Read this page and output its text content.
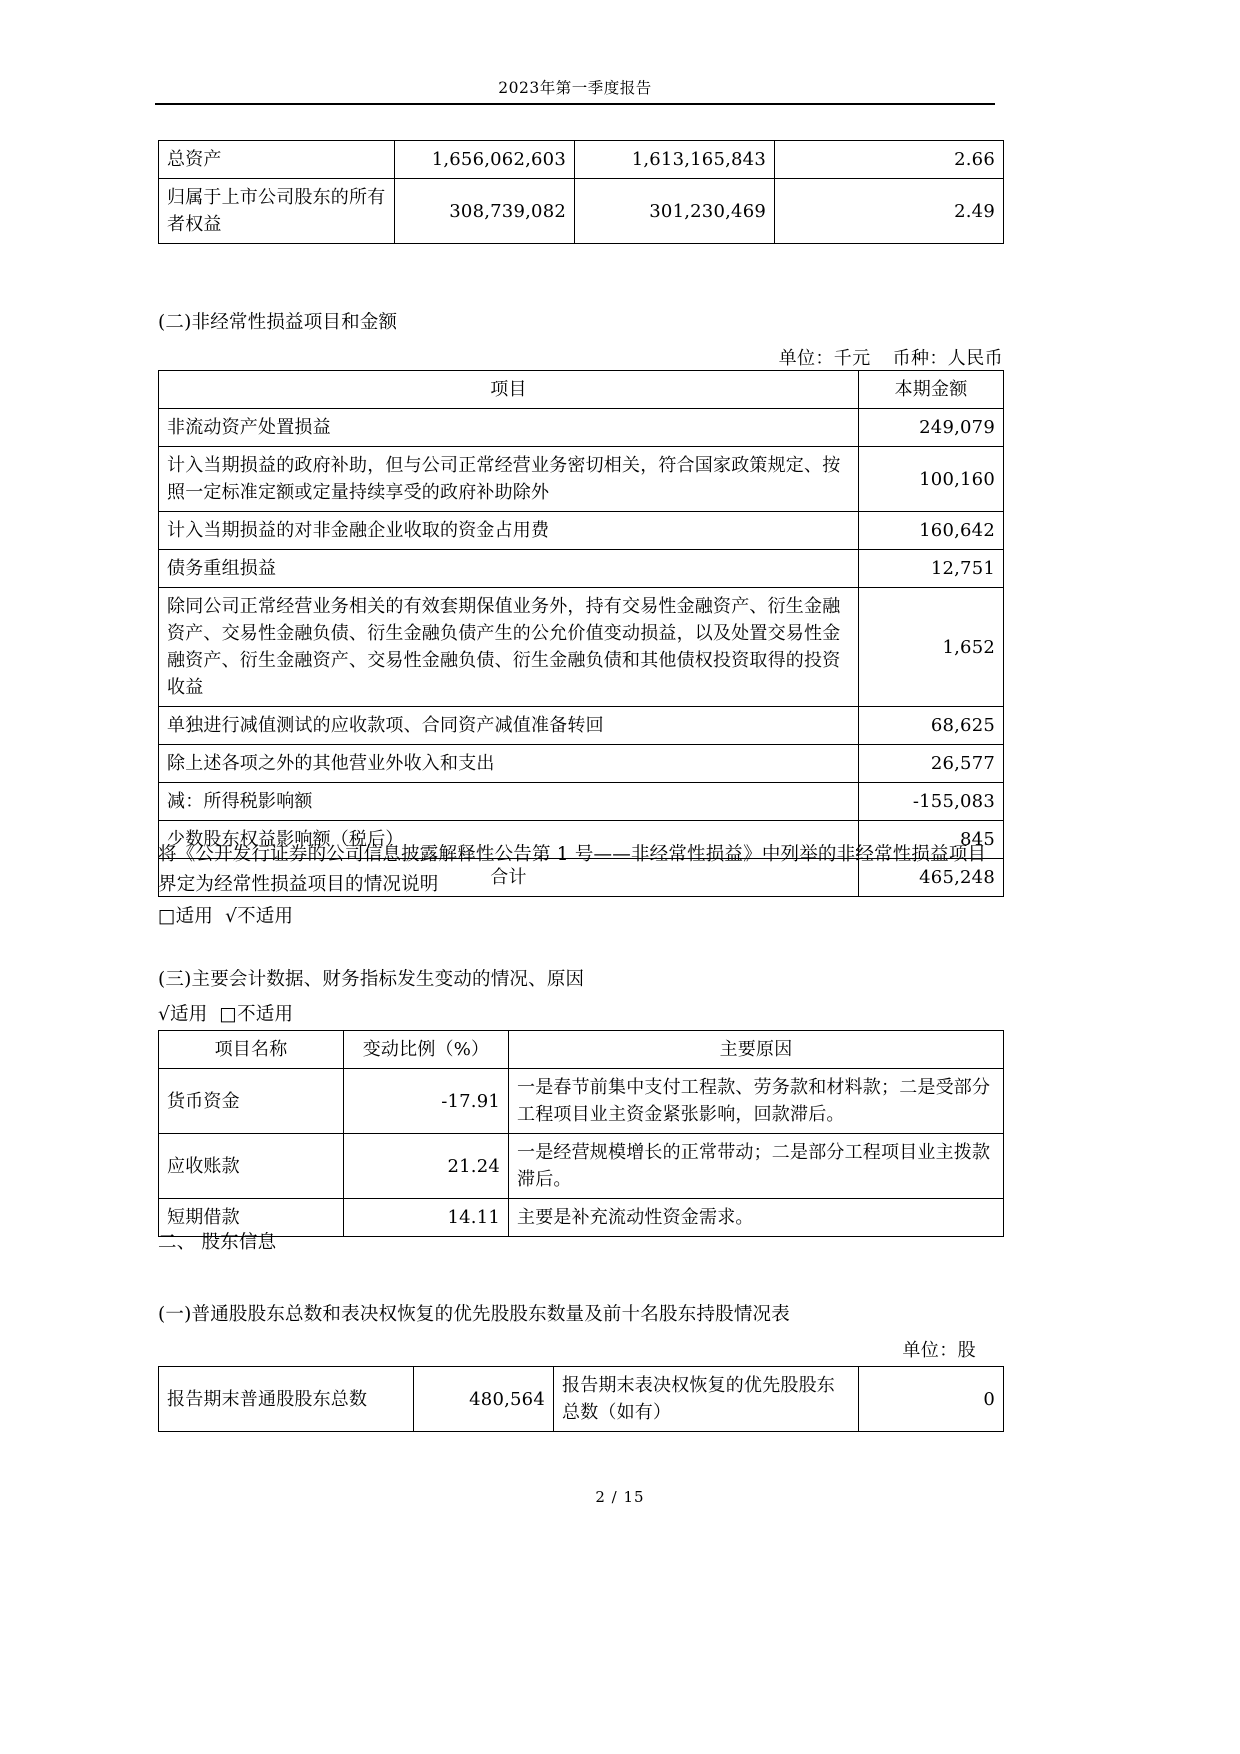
2023年第一季度报告
总资产	1,656,062,603	1,613,165,843	2.66
归属于上市公司股东的所有者权益	308,739,082	301,230,469	2.49
(二)非经常性损益项目和金额
单位：千元 币种：人民币
项目	本期金额
非流动资产处置损益	249,079
计入当期损益的政府补助，但与公司正常经营业务密切相关，符合国家政策规定、按照一定标准定额或定量持续享受的政府补助除外	100,160
计入当期损益的对非金融企业收取的资金占用费	160,642
债务重组损益	12,751
除同公司正常经营业务相关的有效套期保值业务外，持有交易性金融资产、衍生金融资产、交易性金融负债、衍生金融负债产生的公允价值变动损益，以及处置交易性金融资产、衍生金融资产、交易性金融负债、衍生金融负债和其他债权投资取得的投资收益	1,652
单独进行减值测试的应收款项、合同资产减值准备转回	68,625
除上述各项之外的其他营业外收入和支出	26,577
减：所得税影响额	-155,083
少数股东权益影响额（税后）	845
合计	465,248
将《公开发行证券的公司信息披露解释性公告第 1 号——非经常性损益》中列举的非经常性损益项目界定为经常性损益项目的情况说明
□适用 √不适用
(三)主要会计数据、财务指标发生变动的情况、原因
√适用 □不适用
项目名称	变动比例（%）	主要原因
货币资金	-17.91	一是春节前集中支付工程款、劳务款和材料款；二是受部分工程项目业主资金紧张影响，回款滞后。
应收账款	21.24	一是经营规模增长的正常带动；二是部分工程项目业主拨款滞后。
短期借款	14.11	主要是补充流动性资金需求。
二、 股东信息
(一)普通股股东总数和表决权恢复的优先股股东数量及前十名股东持股情况表
单位：股
报告期末普通股股东总数	480,564	报告期末表决权恢复的优先股股东总数（如有）	0
2 / 15
